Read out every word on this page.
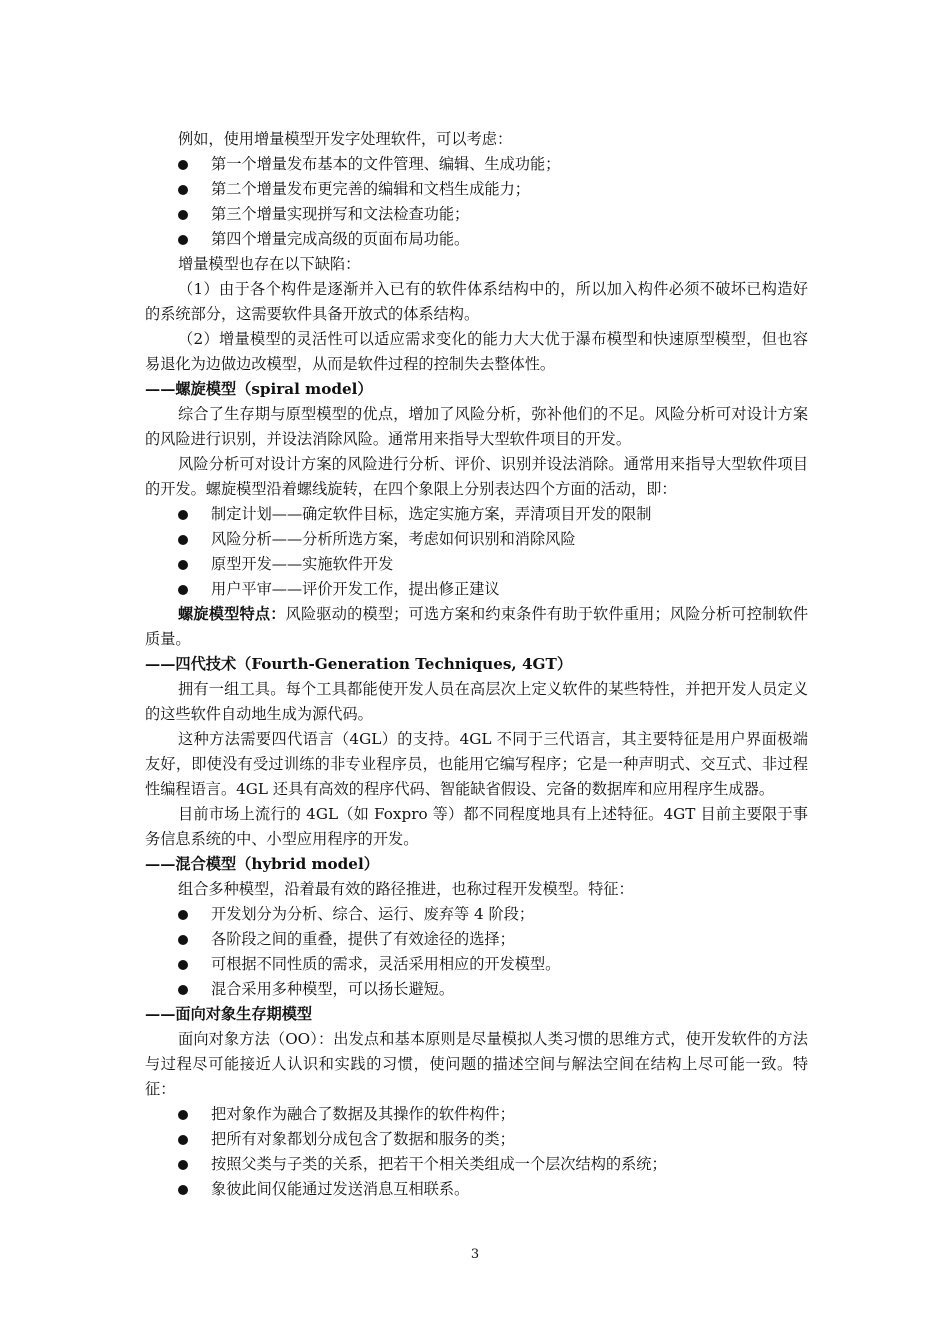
例如，使用增量模型开发字处理软件，可以考虑：

第一个增量发布基本的文件管理、编辑、生成功能；

第二个增量发布更完善的编辑和文档生成能力；

第三个增量实现拼写和文法检查功能；

第四个增量完成高级的页面布局功能。

增量模型也存在以下缺陷：

（1）由于各个构件是逐渐并入已有的软件体系结构中的，所以加入构件必须不破坏已构造好的系统部分，这需要软件具备开放式的体系结构。

（2）增量模型的灵活性可以适应需求变化的能力大大优于瀑布模型和快速原型模型，但也容易退化为边做边改模型，从而是软件过程的控制失去整体性。

——螺旋模型（spiral model）

综合了生存期与原型模型的优点，增加了风险分析，弥补他们的不足。风险分析可对设计方案的风险进行识别，并设法消除风险。通常用来指导大型软件项目的开发。

风险分析可对设计方案的风险进行分析、评价、识别并设法消除。通常用来指导大型软件项目的开发。螺旋模型沿着螺线旋转，在四个象限上分别表达四个方面的活动，即：

制定计划——确定软件目标，选定实施方案，弄清项目开发的限制

风险分析——分析所选方案，考虑如何识别和消除风险

原型开发——实施软件开发

用户平审——评价开发工作，提出修正建议

螺旋模型特点：风险驱动的模型；可选方案和约束条件有助于软件重用；风险分析可控制软件质量。

——四代技术（Fourth-Generation Techniques, 4GT）

拥有一组工具。每个工具都能使开发人员在高层次上定义软件的某些特性，并把开发人员定义的这些软件自动地生成为源代码。

这种方法需要四代语言（4GL）的支持。4GL 不同于三代语言，其主要特征是用户界面极端友好，即使没有受过训练的非专业程序员，也能用它编写程序；它是一种声明式、交互式、非过程性编程语言。4GL 还具有高效的程序代码、智能缺省假设、完备的数据库和应用程序生成器。

目前市场上流行的 4GL（如 Foxpro 等）都不同程度地具有上述特征。4GT 目前主要限于事务信息系统的中、小型应用程序的开发。

——混合模型（hybrid model）

组合多种模型，沿着最有效的路径推进，也称过程开发模型。特征：

开发划分为分析、综合、运行、废弃等 4 阶段；

各阶段之间的重叠，提供了有效途径的选择；

可根据不同性质的需求，灵活采用相应的开发模型。

混合采用多种模型，可以扬长避短。

——面向对象生存期模型

面向对象方法（OO）：出发点和基本原则是尽量模拟人类习惯的思维方式，使开发软件的方法与过程尽可能接近人认识和实践的习惯，使问题的描述空间与解法空间在结构上尽可能一致。特征：

把对象作为融合了数据及其操作的软件构件；

把所有对象都划分成包含了数据和服务的类；

按照父类与子类的关系，把若干个相关类组成一个层次结构的系统；

象彼此间仅能通过发送消息互相联系。

3
